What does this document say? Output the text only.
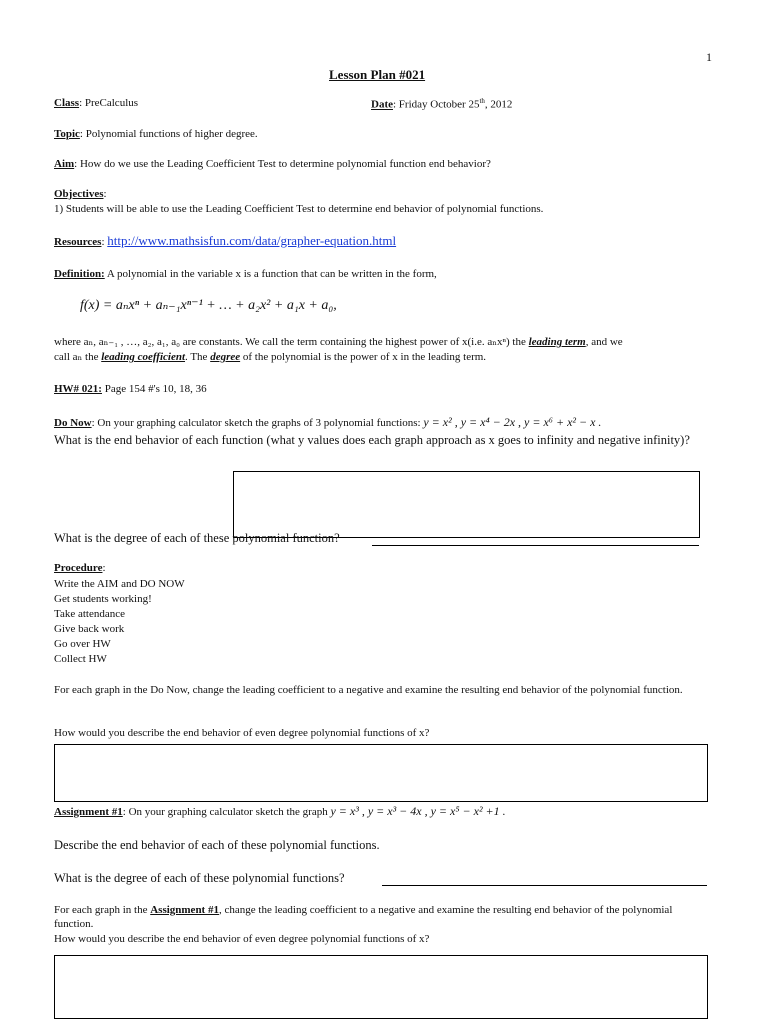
1
Lesson Plan #021
Class: PreCalculus	Date: Friday October 25th, 2012
Topic: Polynomial functions of higher degree.
Aim: How do we use the Leading Coefficient Test to determine polynomial function end behavior?
Objectives:
1) Students will be able to use the Leading Coefficient Test to determine end behavior of polynomial functions.
Resources: http://www.mathsisfun.com/data/grapher-equation.html
Definition: A polynomial in the variable x is a function that can be written in the form,
f(x) = aₙxⁿ + aₙ₋₁xⁿ⁻¹ + … + a₂x² + a₁x + a₀,
where aₙ, aₙ₋₁ , …, a₂, a₁, a₀ are constants. We call the term containing the highest power of x(i.e. aₙxⁿ) the leading term, and we
call aₙ the leading coefficient. The degree of the polynomial is the power of x in the leading term.
HW# 021: Page 154 #'s 10, 18, 36
Do Now: On your graphing calculator sketch the graphs of 3 polynomial functions: y = x² , y = x⁴ − 2x , y = x⁶ + x² − x .
What is the end behavior of each function (what y values does each graph approach as x goes to infinity and negative infinity)?
What is the degree of each of these polynomial function?
Procedure:
Write the AIM and DO NOW
Get students working!
Take attendance
Give back work
Go over HW
Collect HW
For each graph in the Do Now, change the leading coefficient to a negative and examine the resulting end behavior of the polynomial function.
How would you describe the end behavior of even degree polynomial functions of x?
Assignment #1: On your graphing calculator sketch the graph y = x³ , y = x³ − 4x , y = x⁵ − x² +1 .
Describe the end behavior of each of these polynomial functions.
What is the degree of each of these polynomial functions?
For each graph in the Assignment #1, change the leading coefficient to a negative and examine the resulting end behavior of the polynomial function.
How would you describe the end behavior of even degree polynomial functions of x?
